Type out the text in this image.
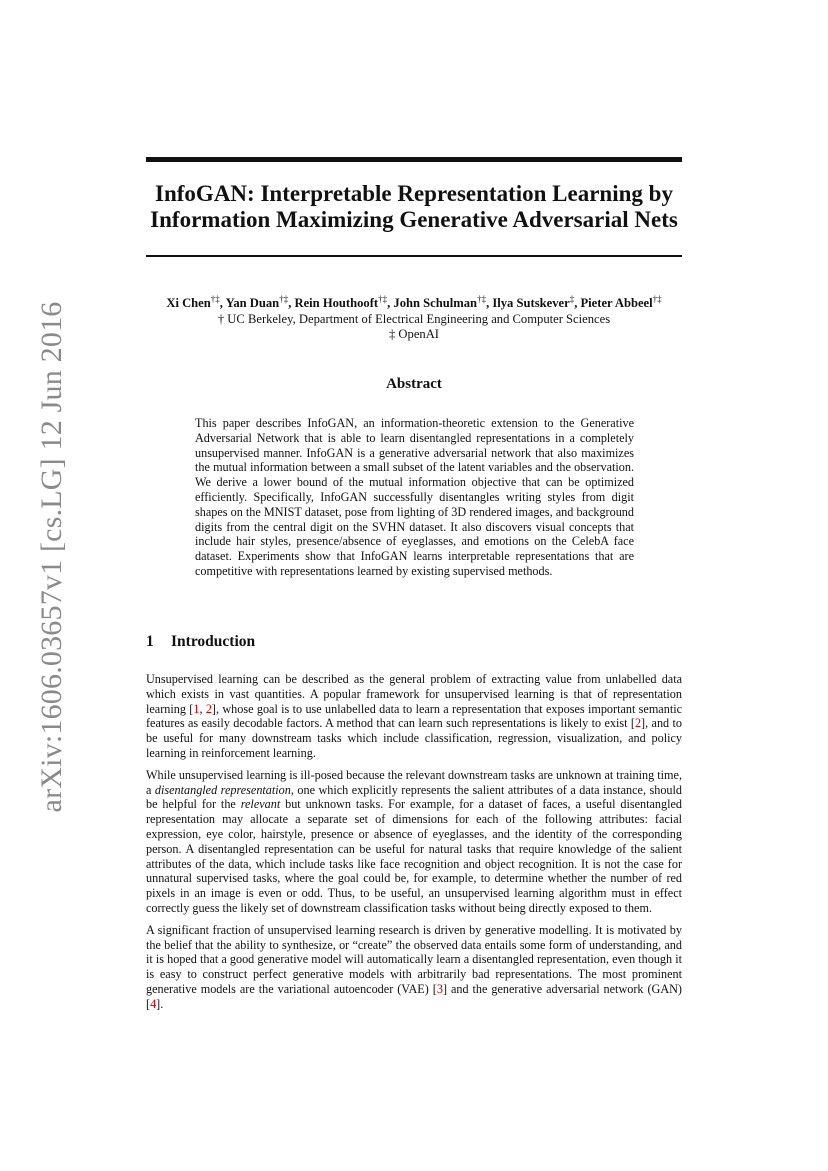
arXiv:1606.03657v1 [cs.LG] 12 Jun 2016
InfoGAN: Interpretable Representation Learning by
Information Maximizing Generative Adversarial Nets
Xi Chen†‡, Yan Duan†‡, Rein Houthooft†‡, John Schulman†‡, Ilya Sutskever‡, Pieter Abbeel†‡
† UC Berkeley, Department of Electrical Engineering and Computer Sciences
‡ OpenAI
Abstract
This paper describes InfoGAN, an information-theoretic extension to the Generative Adversarial Network that is able to learn disentangled representations in a completely unsupervised manner. InfoGAN is a generative adversarial network that also maximizes the mutual information between a small subset of the latent variables and the observation. We derive a lower bound of the mutual information objective that can be optimized efficiently. Specifically, InfoGAN successfully disentangles writing styles from digit shapes on the MNIST dataset, pose from lighting of 3D rendered images, and background digits from the central digit on the SVHN dataset. It also discovers visual concepts that include hair styles, presence/absence of eyeglasses, and emotions on the CelebA face dataset. Experiments show that InfoGAN learns interpretable representations that are competitive with representations learned by existing supervised methods.
1 Introduction

Unsupervised learning can be described as the general problem of extracting value from unlabelled data which exists in vast quantities. A popular framework for unsupervised learning is that of representation learning [1, 2], whose goal is to use unlabelled data to learn a representation that exposes important semantic features as easily decodable factors. A method that can learn such representations is likely to exist [2], and to be useful for many downstream tasks which include classification, regression, visualization, and policy learning in reinforcement learning.

While unsupervised learning is ill-posed because the relevant downstream tasks are unknown at training time, a disentangled representation, one which explicitly represents the salient attributes of a data instance, should be helpful for the relevant but unknown tasks. For example, for a dataset of faces, a useful disentangled representation may allocate a separate set of dimensions for each of the following attributes: facial expression, eye color, hairstyle, presence or absence of eyeglasses, and the identity of the corresponding person. A disentangled representation can be useful for natural tasks that require knowledge of the salient attributes of the data, which include tasks like face recognition and object recognition. It is not the case for unnatural supervised tasks, where the goal could be, for example, to determine whether the number of red pixels in an image is even or odd. Thus, to be useful, an unsupervised learning algorithm must in effect correctly guess the likely set of downstream classification tasks without being directly exposed to them.

A significant fraction of unsupervised learning research is driven by generative modelling. It is motivated by the belief that the ability to synthesize, or “create” the observed data entails some form of understanding, and it is hoped that a good generative model will automatically learn a disentangled representation, even though it is easy to construct perfect generative models with arbitrarily bad representations. The most prominent generative models are the variational autoencoder (VAE) [3] and the generative adversarial network (GAN) [4].
